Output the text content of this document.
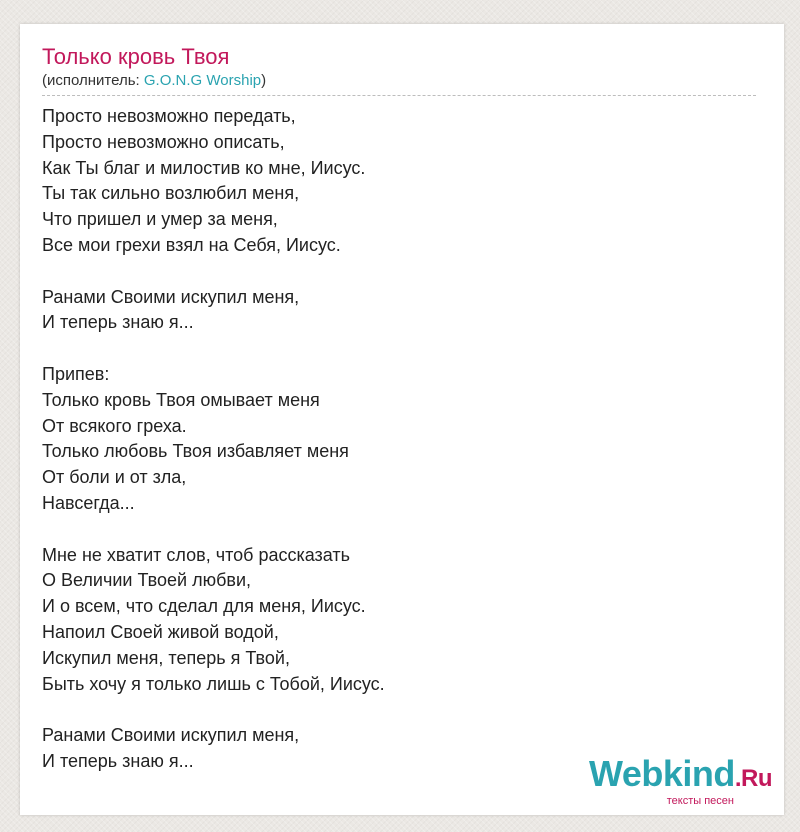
Только кровь Твоя
(исполнитель: G.O.N.G Worship)
Просто невозможно передать,
Просто невозможно описать,
Как Ты благ и милостив ко мне, Иисус.
Ты так сильно возлюбил меня,
Что пришел и умер за меня,
Все мои грехи взял на Себя, Иисус.
Ранами Своими искупил меня,
И теперь знаю я...
Припев:
Только кровь Твоя омывает меня
От всякого греха.
Только любовь Твоя избавляет меня
От боли и от зла,
Навсегда...
Мне не хватит слов, чтоб рассказать
О Величии Твоей любви,
И о всем, что сделал для меня, Иисус.
Напоил Своей живой водой,
Искупил меня, теперь я Твой,
Быть хочу я только лишь с Тобой, Иисус.
Ранами Своими искупил меня,
И теперь знаю я...	Webkind.Ru
тексты песен
